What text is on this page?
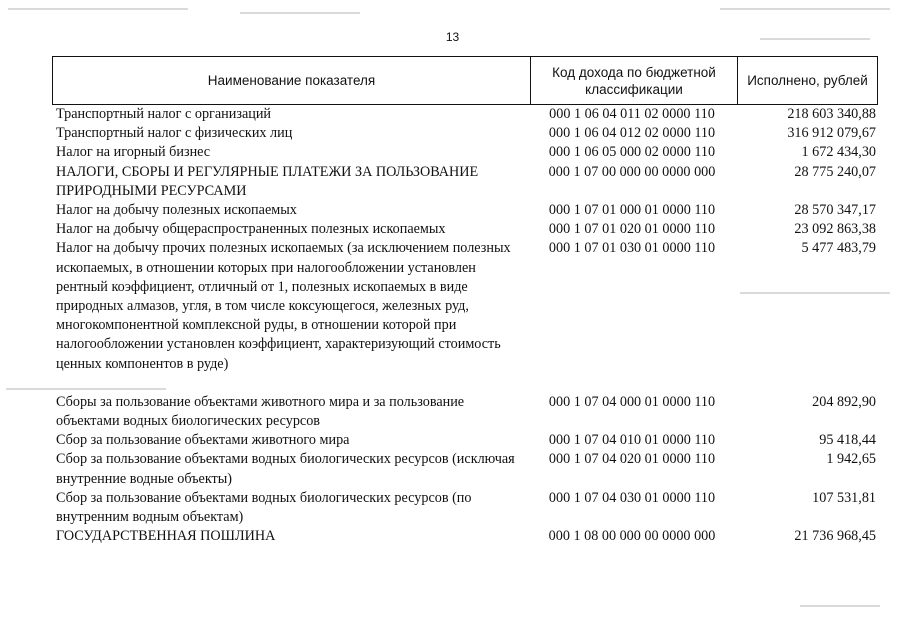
13
Наименование показателя
Код дохода по бюджетной классификации
Исполнено, рублей
Транспортный налог с организаций	000 1 06 04 011 02 0000 110	218 603 340,88
Транспортный налог с физических лиц	000 1 06 04 012 02 0000 110	316 912 079,67
Налог на игорный бизнес	000 1 06 05 000 02 0000 110	1 672 434,30
НАЛОГИ, СБОРЫ И РЕГУЛЯРНЫЕ ПЛАТЕЖИ ЗА ПОЛЬЗОВАНИЕ ПРИРОДНЫМИ РЕСУРСАМИ
000 1 07 00 000 00 0000 000	28 775 240,07
Налог на добычу полезных ископаемых	000 1 07 01 000 01 0000 110	28 570 347,17
Налог на добычу общераспространенных полезных ископаемых	000 1 07 01 020 01 0000 110	23 092 863,38
Налог на добычу прочих полезных ископаемых (за исключением полезных ископаемых, в отношении которых при налогообложении установлен рентный коэффициент, отличный от 1, полезных ископаемых в виде природных алмазов, угля, в том числе коксующегося, железных руд, многокомпонентной комплексной руды, в отношении которой при налогообложении установлен коэффициент, характеризующий стоимость ценных компонентов в руде)
000 1 07 01 030 01 0000 110	5 477 483,79
Сборы за пользование объектами животного мира и за пользование объектами водных биологических ресурсов
000 1 07 04 000 01 0000 110	204 892,90
Сбор за пользование объектами животного мира	000 1 07 04 010 01 0000 110	95 418,44
Сбор за пользование объектами водных биологических ресурсов (исключая внутренние водные объекты)
000 1 07 04 020 01 0000 110	1 942,65
Сбор за пользование объектами водных биологических ресурсов (по внутренним водным объектам)
000 1 07 04 030 01 0000 110	107 531,81
ГОСУДАРСТВЕННАЯ ПОШЛИНА	000 1 08 00 000 00 0000 000	21 736 968,45
